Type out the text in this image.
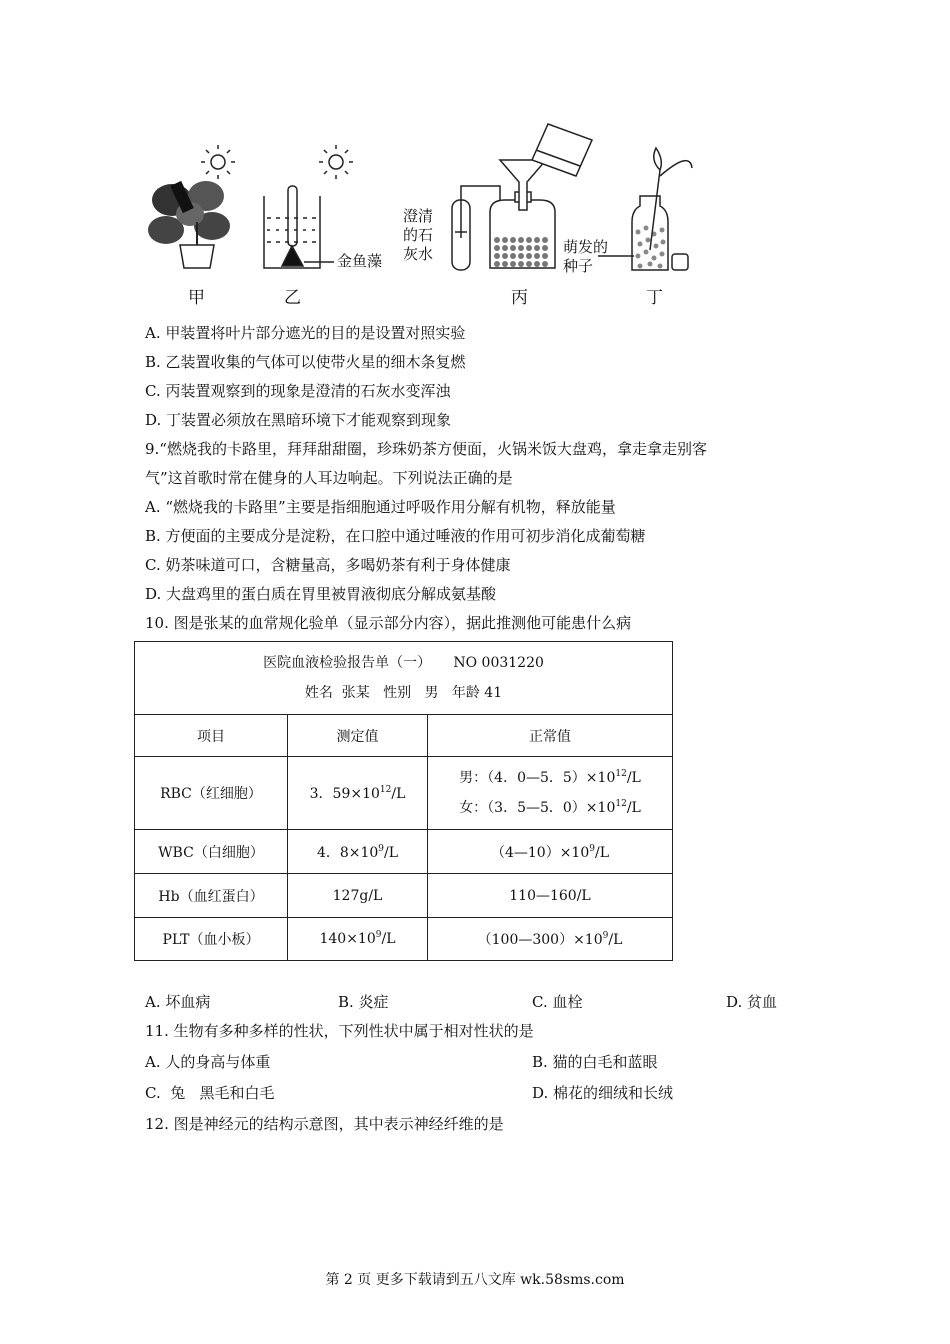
甲	乙	丙	丁
金鱼藻
澄清
的石
灰水	萌发的
种子
A. 甲装置将叶片部分遮光的目的是设置对照实验
B. 乙装置收集的气体可以使带火星的细木条复燃
C. 丙装置观察到的现象是澄清的石灰水变浑浊
D. 丁装置必须放在黑暗环境下才能观察到现象
9.“燃烧我的卡路里，拜拜甜甜圈，珍珠奶茶方便面，火锅米饭大盘鸡，拿走拿走别客
气”这首歌时常在健身的人耳边响起。下列说法正确的是
A. “燃烧我的卡路里”主要是指细胞通过呼吸作用分解有机物，释放能量
B. 方便面的主要成分是淀粉，在口腔中通过唾液的作用可初步消化成葡萄糖
C. 奶茶味道可口，含糖量高，多喝奶茶有利于身体健康
D. 大盘鸡里的蛋白质在胃里被胃液彻底分解成氨基酸
10. 图是张某的血常规化验单（显示部分内容），据此推测他可能患什么病
医院血液检验报告单（一）     NO 0031220
姓名  张某   性别   男   年龄 41		

项目	测定值	正常值
RBC（红细胞）	3．$59\times 10^{12}/L$	男：（4．0—5．$5)\times 10^{12}/L$
女：（3．5—5．$0)\times 10^{12}/L$

WBC（白细胞）	4．$8\times 10^9/L$	$(4—10)\times 10^9/L$
Hb（血红蛋白）	127g/L	110—160/L
PLT（血小板）	$140\times 10^9/L$	$(100—300)\times 10^9/L$
A. 坏血病	B. 炎症	C. 血栓	D. 贫血
11. 生物有多种多样的性状，下列性状中属于相对性状的是
A. 人的身高与体重	B. 猫的白毛和蓝眼
C.  兔   黑毛和白毛	D. 棉花的细绒和长绒
12. 图是神经元的结构示意图，其中表示神经纤维的是
第 2 页 更多下载请到五八文库 wk.58sms.com
